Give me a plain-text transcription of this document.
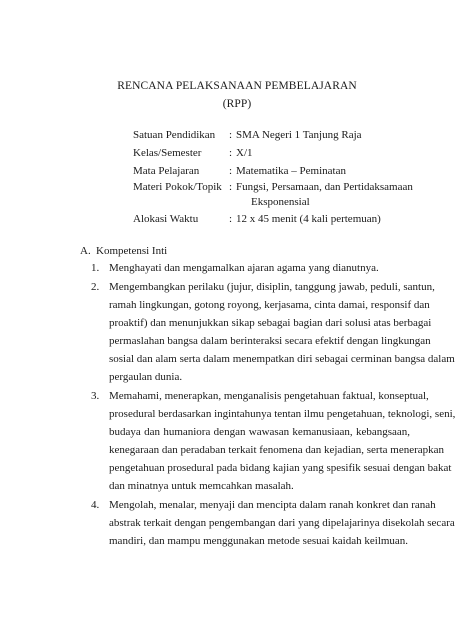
RENCANA PELAKSANAAN PEMBELAJARAN
(RPP)
Satuan Pendidikan : SMA Negeri 1 Tanjung Raja
Kelas/Semester	: X/1
Mata Pelajaran	: Matematika – Peminatan
Materi Pokok/Topik : Fungsi, Persamaan, dan Pertidaksamaan
Eksponensial
Alokasi Waktu	: 12 x 45 menit (4 kali pertemuan)
A. Kompetensi Inti
1. Menghayati dan mengamalkan ajaran agama yang dianutnya.
2. Mengembangkan perilaku (jujur, disiplin, tanggung jawab, peduli, santun,
ramah lingkungan, gotong royong, kerjasama, cinta damai, responsif dan
proaktif) dan menunjukkan sikap sebagai bagian dari solusi atas berbagai
permaslahan bangsa dalam berinteraksi secara efektif dengan lingkungan
sosial dan alam serta dalam menempatkan diri sebagai cerminan bangsa dalam
pergaulan dunia.
3. Memahami, menerapkan, menganalisis pengetahuan faktual, konseptual,
prosedural berdasarkan ingintahunya tentan ilmu pengetahuan, teknologi, seni,
budaya dan humaniora dengan wawasan kemanusiaan, kebangsaan,
kenegaraan dan peradaban terkait fenomena dan kejadian, serta menerapkan
pengetahuan prosedural pada bidang kajian yang spesifik sesuai dengan bakat
dan minatnya untuk memcahkan masalah.
4. Mengolah, menalar, menyaji dan mencipta dalam ranah konkret dan ranah
abstrak terkait dengan pengembangan dari yang dipelajarinya disekolah secara
mandiri, dan mampu menggunakan metode sesuai kaidah keilmuan.
